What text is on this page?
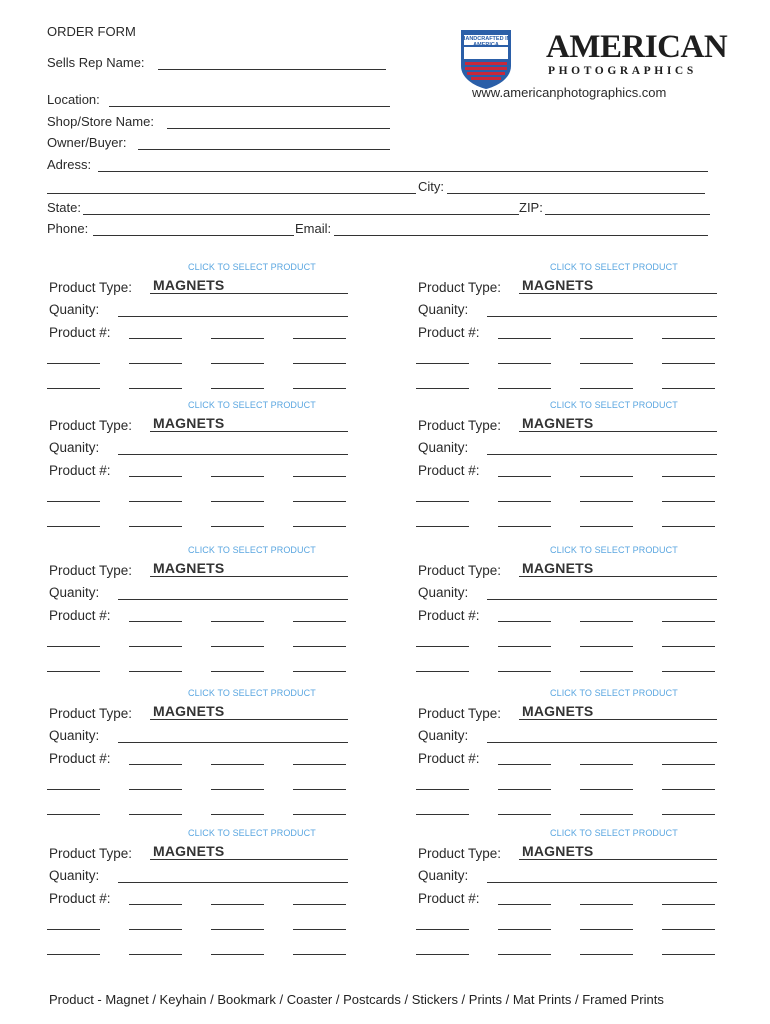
ORDER FORM	HANDCRAFTED IN AMERICA	AMERICAN
PHOTOGRAPHICS
www.americanphotographics.com
Sells Rep Name:
Location:
Shop/Store Name:
Owner/Buyer:
Adress:
City:
State:	ZIP:
Phone:	Email:
CLICK TO SELECT PRODUCT
Product Type: MAGNETS
Quanity:
Product #:
CLICK TO SELECT PRODUCT
Product Type: MAGNETS
Quanity:
Product #:
CLICK TO SELECT PRODUCT
Product Type: MAGNETS
Quanity:
Product #:
CLICK TO SELECT PRODUCT
Product Type: MAGNETS
Quanity:
Product #:
CLICK TO SELECT PRODUCT
Product Type: MAGNETS
Quanity:
Product #:
CLICK TO SELECT PRODUCT
Product Type: MAGNETS
Quanity:
Product #:
CLICK TO SELECT PRODUCT
Product Type: MAGNETS
Quanity:
Product #:
CLICK TO SELECT PRODUCT
Product Type: MAGNETS
Quanity:
Product #:
CLICK TO SELECT PRODUCT
Product Type: MAGNETS
Quanity:
Product #:
CLICK TO SELECT PRODUCT
Product Type: MAGNETS
Quanity:
Product #:
Product - Magnet / Keyhain / Bookmark / Coaster / Postcards / Stickers / Prints / Mat Prints / Framed Prints
